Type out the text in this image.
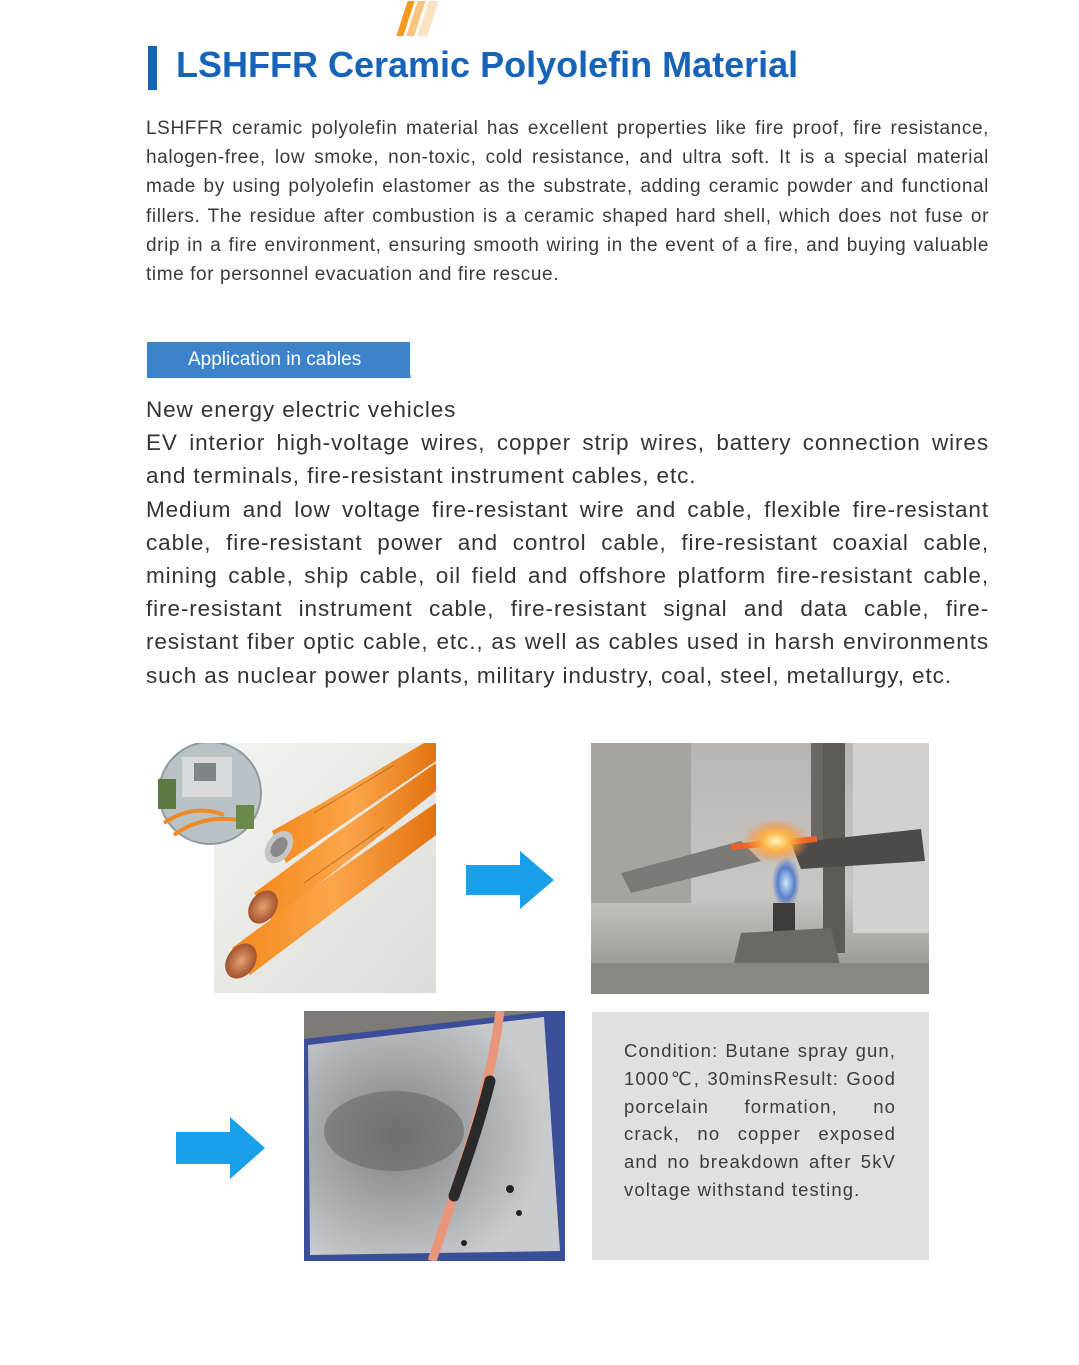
LSHFFR Ceramic Polyolefin Material

LSHFFR ceramic polyolefin material has excellent properties like fire proof, fire resistance, halogen-free, low smoke, non-toxic, cold resistance, and ultra soft. It is a special material made by using polyolefin elastomer as the substrate, adding ceramic powder and functional fillers. The residue after combustion is a ceramic shaped hard shell, which does not fuse or drip in a fire environment, ensuring smooth wiring in the event of a fire, and buying valuable time for personnel evacuation and fire rescue.

Application in cables

New energy electric vehicles

EV interior high-voltage wires, copper strip wires, battery connection wires and terminals, fire-resistant instrument cables, etc.

Medium and low voltage fire-resistant wire and cable, flexible fire-resistant cable, fire-resistant power and control cable, fire-resistant coaxial cable, mining cable, ship cable, oil field and offshore platform fire-resistant cable, fire-resistant instrument cable, fire-resistant signal and data cable, fire-resistant fiber optic cable, etc., as well as cables used in harsh environments such as nuclear power plants, military industry, coal, steel, metallurgy, etc.

Condition: Butane spray gun, 1000℃, 30minsResult: Good porcelain formation, no crack, no copper exposed and no breakdown after 5kV voltage withstand testing.
